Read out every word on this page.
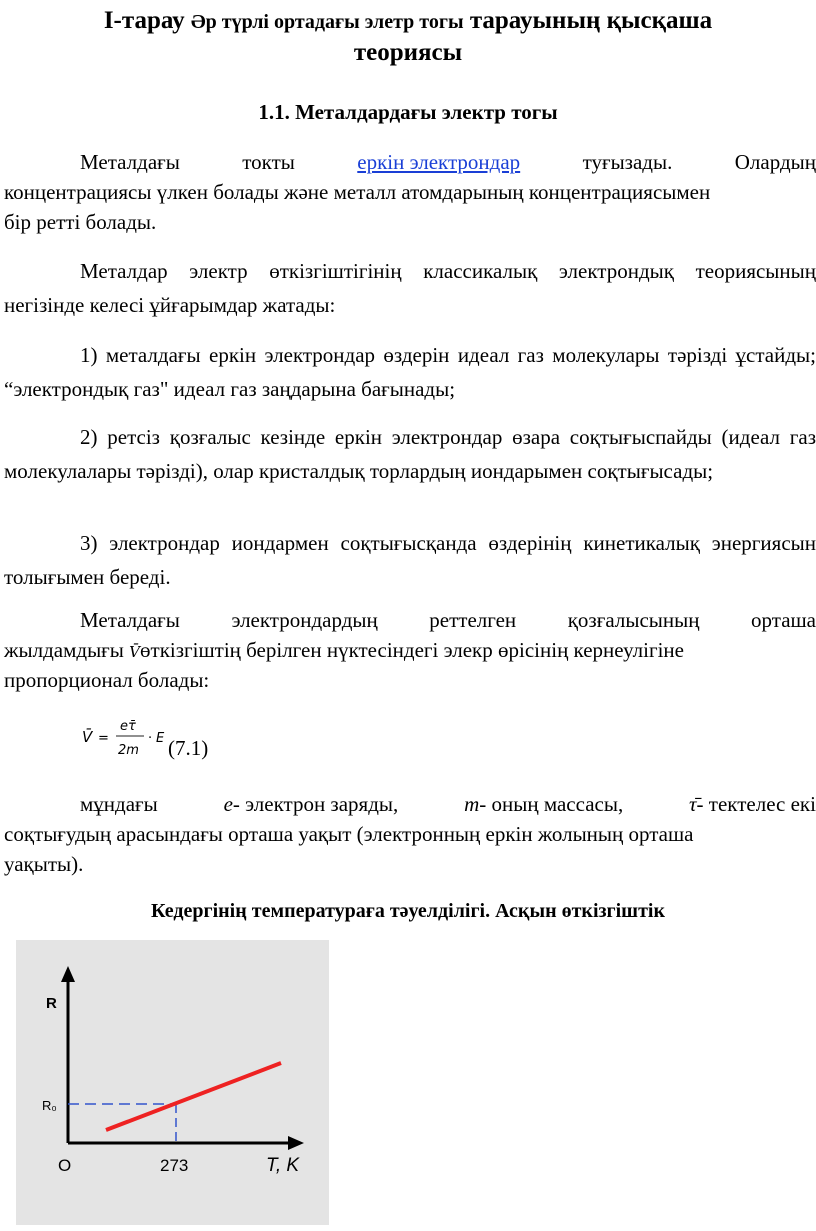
І-тарау Әр түрлі ортадағы элетр тогы тарауының қысқаша
теориясы
1.1. Металдардағы электр тогы
Металдағы	токты	еркін электрондар	туғызады.	Олардың
концентрациясы үлкен болады және металл атомдарының концентрациясымен
бір ретті болады.
Металдар электр өткізгіштігінің классикалық электрондық теориясының негізінде келесі ұйғарымдар жатады:
1) металдағы еркін электрондар өздерін идеал газ молекулары тәрізді ұстайды; “электрондық газ" идеал газ заңдарына бағынады;
2) ретсіз қозғалыс кезінде еркін электрондар өзара соқтығыспайды (идеал газ молекулалары тәрізді), олар кристалдық торлардың иондарымен соқтығысады;
3) электрондар иондармен соқтығысқанда өздерінің кинетикалық энергиясын толығымен береді.
Металдағы электрондардың реттелген қозғалысының орташа
жылдамдығы V̄өткізгіштің берілген нүктесіндегі элекр өрісінің кернеулігіне
пропорционал болады:
V̄ =
eτ̄
2m
· E (7.1)
мұндағы	e- электрон заряды,	m- оның массасы,	τ̄- тектелес екі
соқтығудың арасындағы орташа уақыт (электронның еркін жолының орташа
уақыты).
Кедергінің температураға тәуелділігі. Асқын өткізгіштік
R
R₀
O	273	T, K
